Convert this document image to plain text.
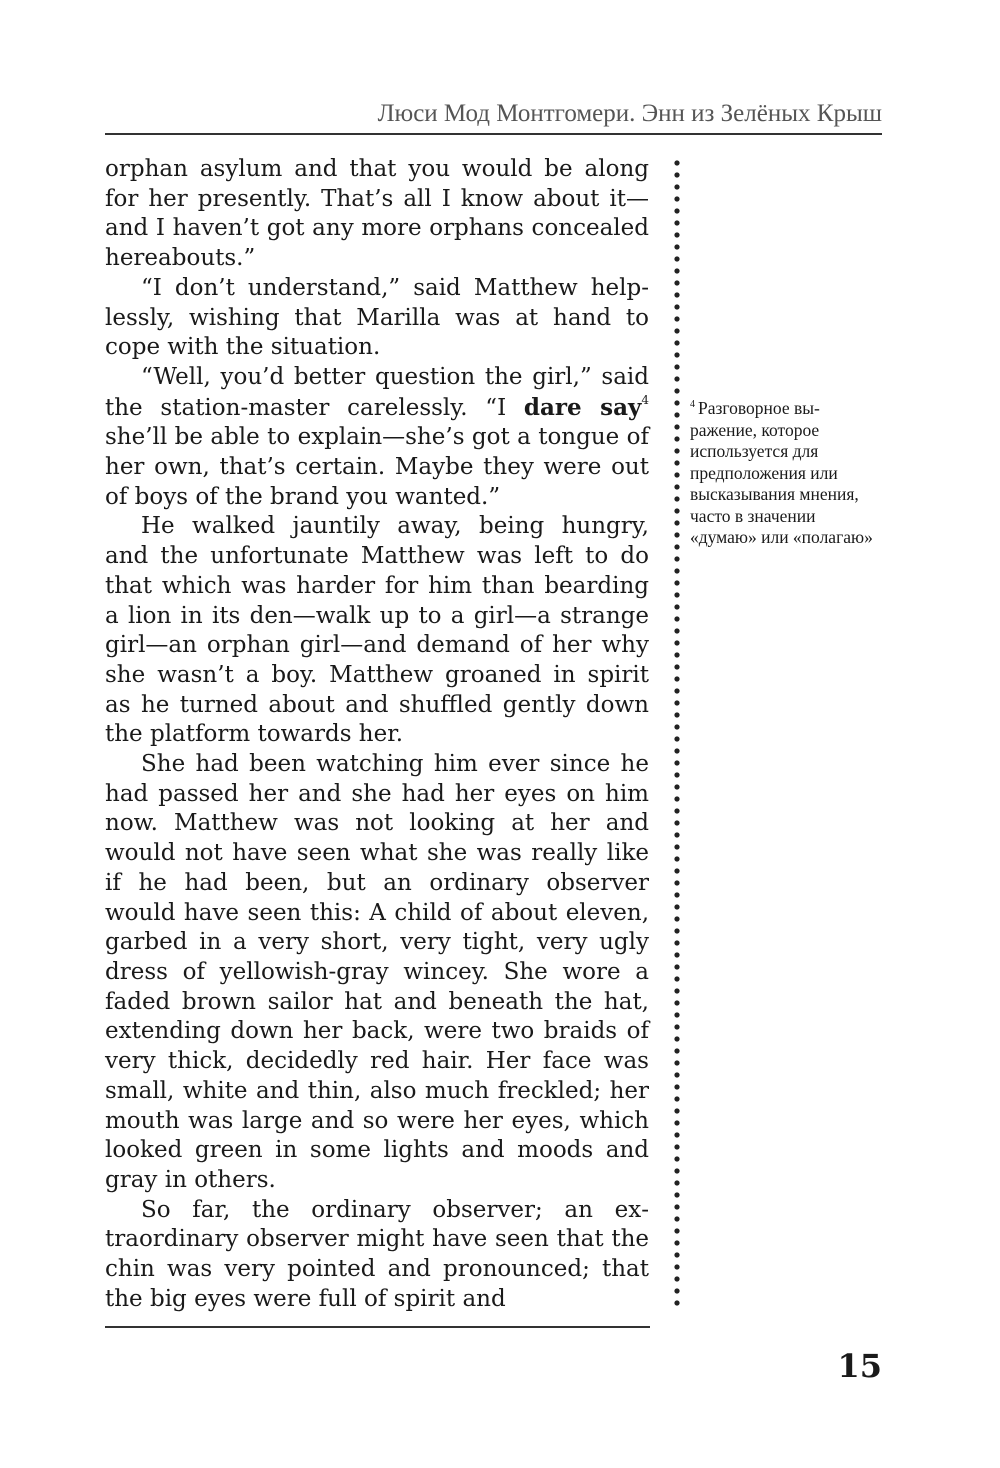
Люси Мод Монтгомери. Энн из Зелёных Крыш

orphan asylum and that you would be along for her presently. That’s all I know about it—and I haven’t got any more orphans concealed hereabouts.”

“I don’t understand,” said Matthew helplessly, wishing that Marilla was at hand to cope with the situation.

“Well, you’d better question the girl,” said the station-master carelessly. “I dare say$^4$ she’ll be able to explain—she’s got a tongue of her own, that’s certain. Maybe they were out of boys of the brand you wanted.”

He walked jauntily away, being hungry, and the unfortunate Matthew was left to do that which was harder for him than bearding a lion in its den—walk up to a girl—a strange girl—an orphan girl—and demand of her why she wasn’t a boy. Matthew groaned in spirit as he turned about and shuffled gently down the platform towards her.

She had been watching him ever since he had passed her and she had her eyes on him now. Matthew was not looking at her and would not have seen what she was really like if he had been, but an ordinary observer would have seen this: A child of about eleven, garbed in a very short, very tight, very ugly dress of yellowish-gray wincey. She wore a faded brown sailor hat and beneath the hat, extending down her back, were two braids of very thick, decidedly red hair. Her face was small, white and thin, also much freckled; her mouth was large and so were her eyes, which looked green in some lights and moods and gray in others.

So far, the ordinary observer; an extraordinary observer might have seen that the chin was very pointed and pronounced; that the big eyes were full of spirit and

$^4$ Разговорное выражение, которое используется для предположения или высказывания мнения, часто в значении «думаю» или «полагаю»
15
